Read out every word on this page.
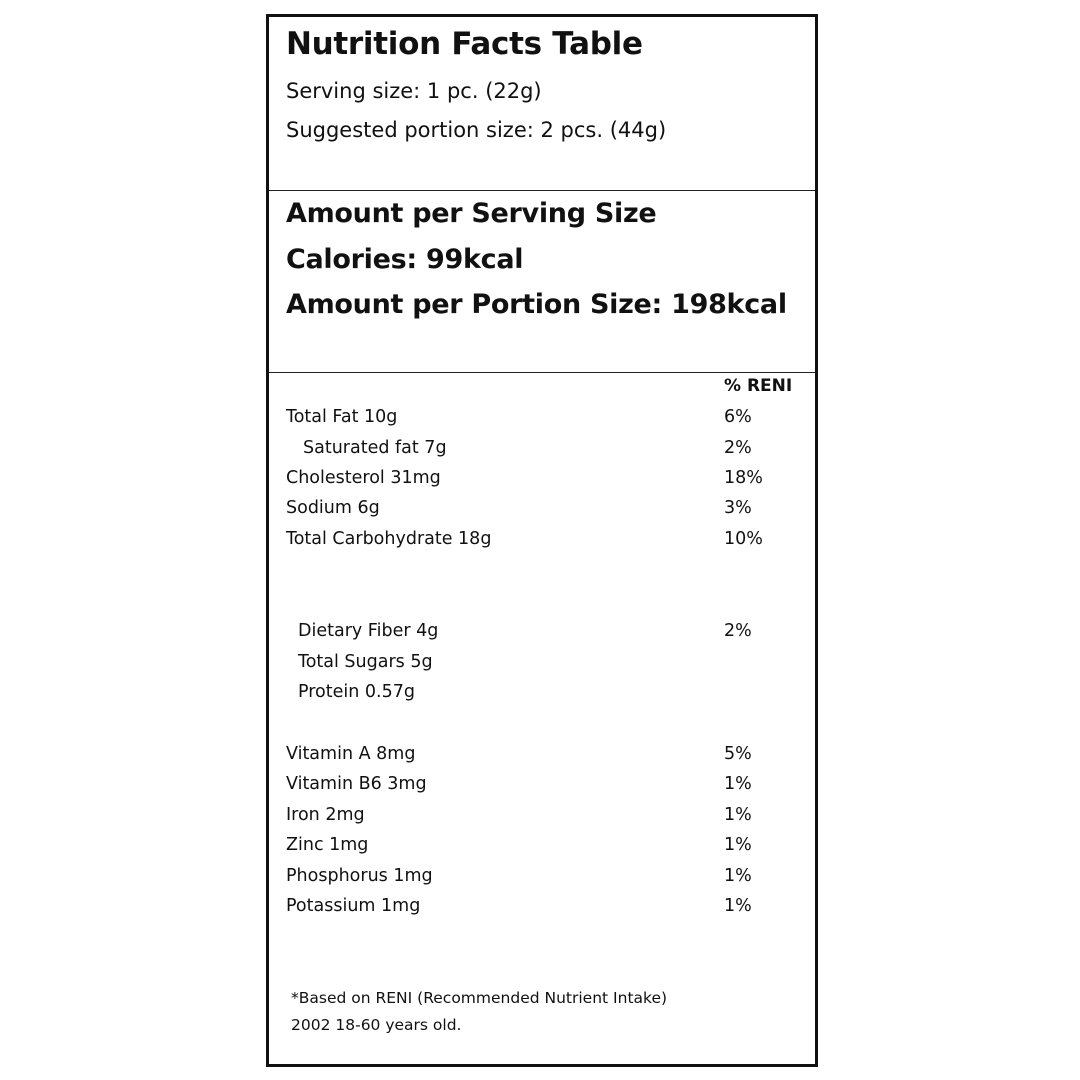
Nutrition Facts Table
Serving size: 1 pc. (22g)
Suggested portion size: 2 pcs. (44g)
Amount per Serving Size
Calories: 99kcal
Amount per Portion Size: 198kcal
% RENI
Total Fat 10g	6%
Saturated fat 7g	2%
Cholesterol 31mg	18%
Sodium 6g	3%
Total Carbohydrate 18g	10%
Dietary Fiber 4g	2%
Total Sugars 5g
Protein 0.57g
Vitamin A 8mg	5%
Vitamin B6 3mg	1%
Iron 2mg	1%
Zinc 1mg	1%
Phosphorus 1mg	1%
Potassium 1mg	1%
*Based on RENI (Recommended Nutrient Intake) 2002 18-60 years old.
